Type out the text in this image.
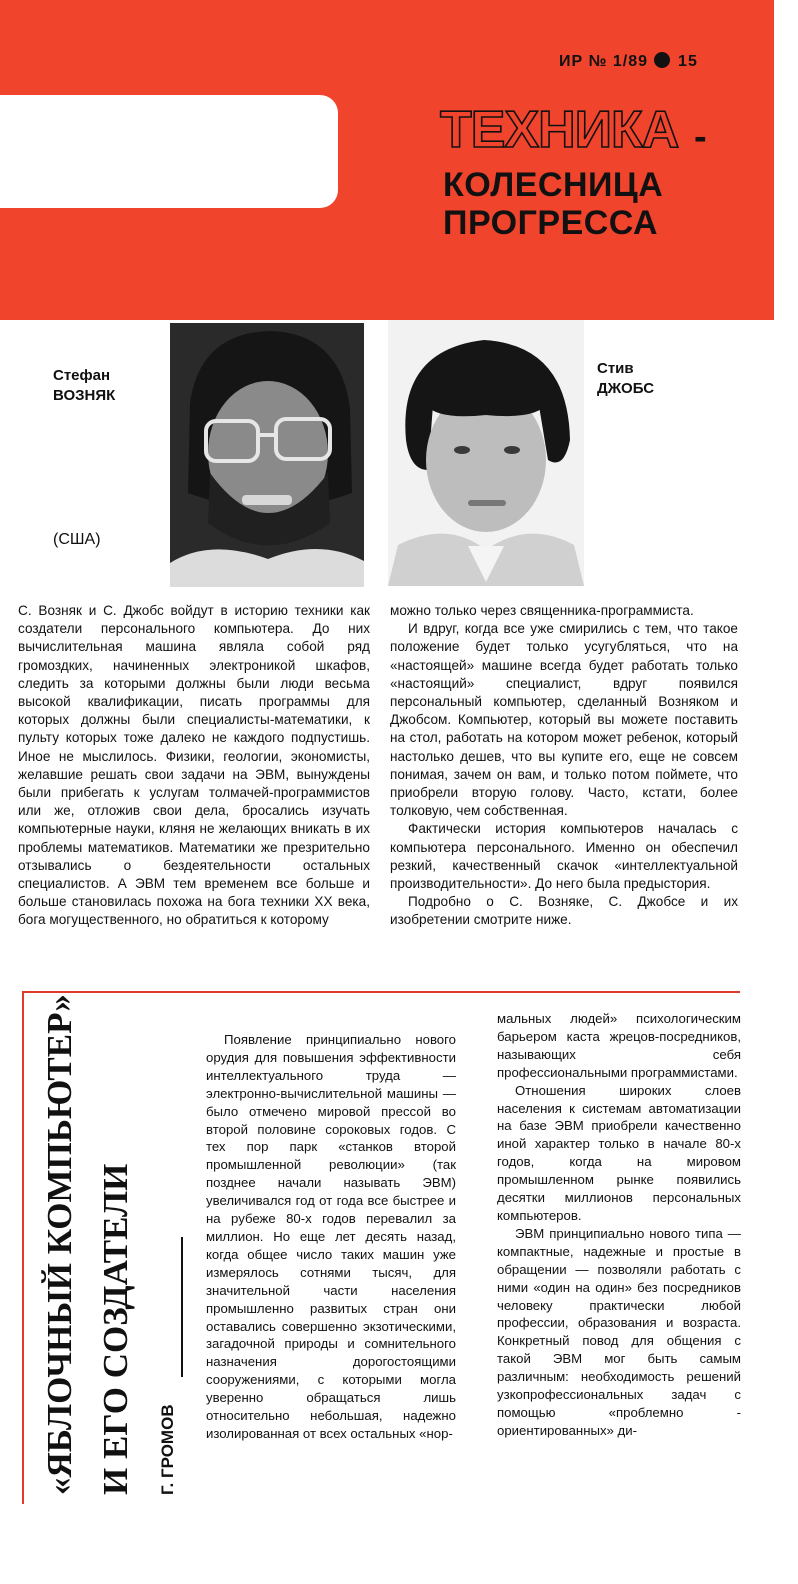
ИР № 1/89 15
ТЕХНИКА -
КОЛЕСНИЦА
ПРОГРЕССА
Стефан
ВОЗНЯК
Стив
ДЖОБС
(США)

С. Возняк и С. Джобс войдут в историю техники как создатели персонального компьютера. До них вычислительная машина являла собой ряд громоздких, начиненных электроникой шкафов, следить за которыми должны были люди весьма высокой квалификации, писать программы для которых должны были специалисты-математики, к пульту которых тоже далеко не каждого подпустишь. Иное не мыслилось. Физики, геологии, экономисты, желавшие решать свои задачи на ЭВМ, вынуждены были прибегать к услугам толмачей-программистов или же, отложив свои дела, бросались изучать компьютерные науки, кляня не желающих вникать в их проблемы математиков. Математики же презрительно отзывались о бездеятельности остальных специалистов. А ЭВМ тем временем все больше и больше становилась похожа на бога техники XX века, бога могущественного, но обратиться к которому

можно только через священника-программиста.

И вдруг, когда все уже смирились с тем, что такое положение будет только усугубляться, что на «настоящей» машине всегда будет работать только «настоящий» специалист, вдруг появился персональный компьютер, сделанный Возняком и Джобсом. Компьютер, который вы можете поставить на стол, работать на котором может ребенок, который настолько дешев, что вы купите его, еще не совсем понимая, зачем он вам, и только потом поймете, что приобрели вторую голову. Часто, кстати, более толковую, чем собственная.

Фактически история компьютеров началась с компьютера персонального. Именно он обеспечил резкий, качественный скачок «интеллектуальной производительности». До него была предыстория.

Подробно о С. Возняке, С. Джобсе и их изобретении смотрите ниже.

«ЯБЛОЧНЫЙ КОМПЬЮТЕР» И ЕГО СОЗДАТЕЛИ Г. ГРОМОВ

Появление принципиально нового орудия для повышения эффективности интеллектуального труда — электронно-вычислительной машины — было отмечено мировой прессой во второй половине сороковых годов. С тех пор парк «станков второй промышленной революции» (так позднее начали называть ЭВМ) увеличивался год от года все быстрее и на рубеже 80-х годов перевалил за миллион. Но еще лет десять назад, когда общее число таких машин уже измерялось сотнями тысяч, для значительной части населения промышленно развитых стран они оставались совершенно экзотическими, загадочной природы и сомнительного назначения дорогостоящими сооружениями, с которыми могла уверенно обращаться лишь относительно небольшая, надежно изолированная от всех остальных «нор-

мальных людей» психологическим барьером каста жрецов-посредников, называющих себя профессиональными программистами.

Отношения широких слоев населения к системам автоматизации на базе ЭВМ приобрели качественно иной характер только в начале 80-х годов, когда на мировом промышленном рынке появились десятки миллионов персональных компьютеров.

ЭВМ принципиально нового типа — компактные, надежные и простые в обращении — позволяли работать с ними «один на один» без посредников человеку практически любой профессии, образования и возраста. Конкретный повод для общения с такой ЭВМ мог быть самым различным: необходимость решений узкопрофессиональных задач с помощью «проблемно - ориентированных» ди-
